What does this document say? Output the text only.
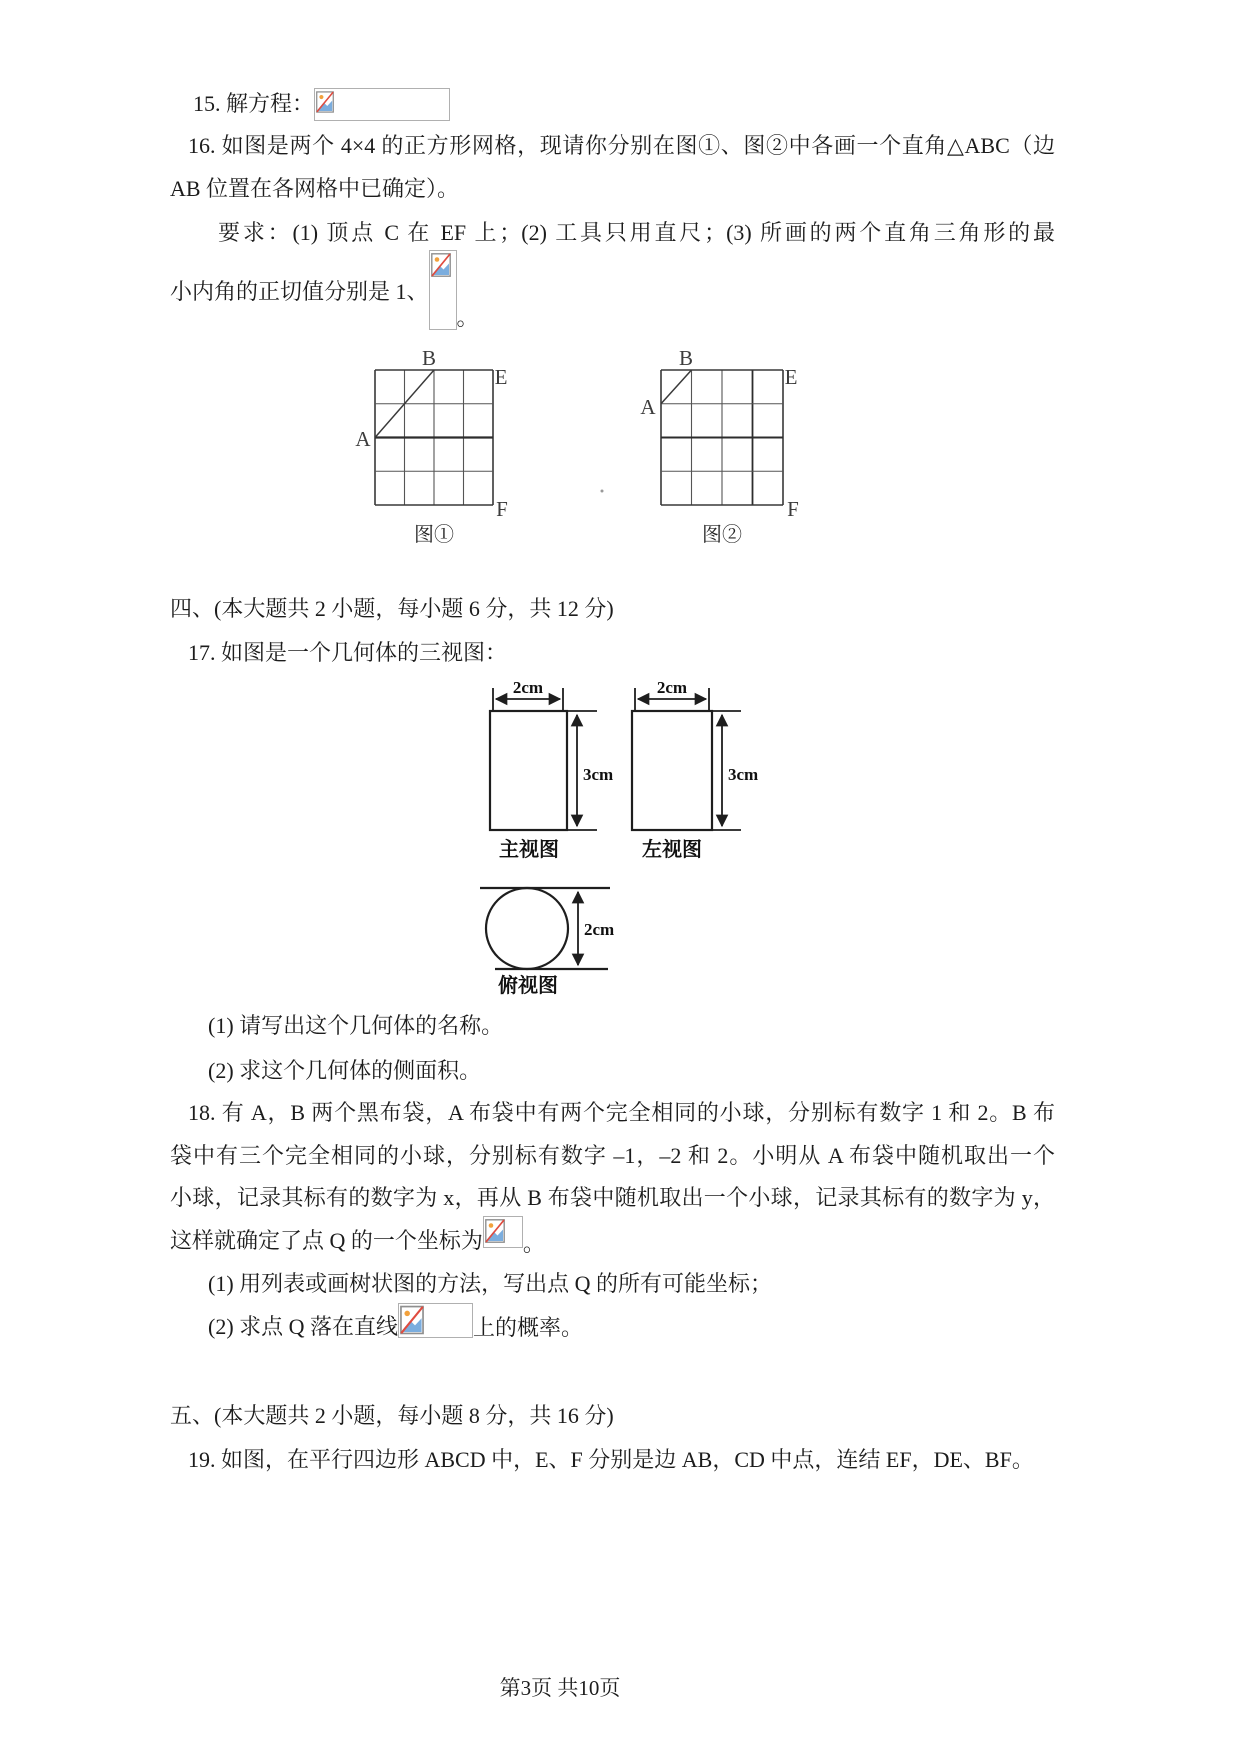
15. 解方程：
16. 如图是两个 4×4 的正方形网格，现请你分别在图①、图②中各画一个直角△ABC（边
AB 位置在各网格中已确定）。
要求：(1) 顶点 C 在 EF 上；(2) 工具只用直尺；(3) 所画的两个直角三角形的最
小内角的正切值分别是 1、
。
B
E
A
F
图①
B
E
A
F
图②
四、(本大题共 2 小题，每小题 6 分，共 12 分)
17. 如图是一个几何体的三视图：
2cm
3cm
主视图
2cm
3cm
左视图
2cm
俯视图
(1) 请写出这个几何体的名称。
(2) 求这个几何体的侧面积。
18. 有 A，B 两个黑布袋，A 布袋中有两个完全相同的小球，分别标有数字 1 和 2。B 布
袋中有三个完全相同的小球，分别标有数字 –1，–2 和 2。小明从 A 布袋中随机取出一个
小球，记录其标有的数字为 x，再从 B 布袋中随机取出一个小球，记录其标有的数字为 y，
这样就确定了点 Q 的一个坐标为 。
(1) 用列表或画树状图的方法，写出点 Q 的所有可能坐标；
(2) 求点 Q 落在直线	上的概率。
五、(本大题共 2 小题，每小题 8 分，共 16 分)
19. 如图，在平行四边形 ABCD 中，E、F 分别是边 AB，CD 中点，连结 EF，DE、BF。
第3页 共10页
